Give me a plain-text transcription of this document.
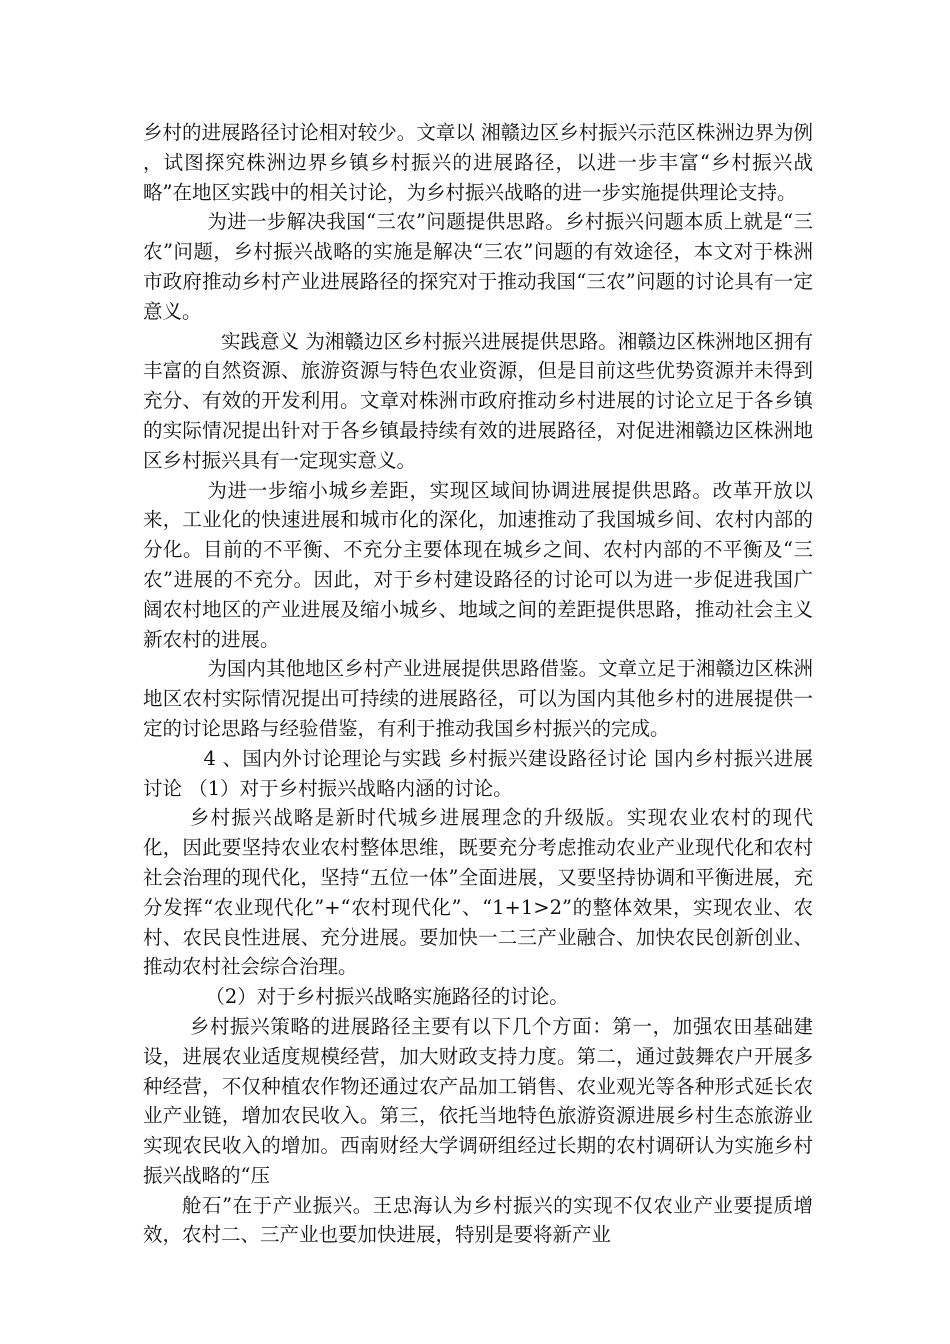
乡村的进展路径讨论相对较少。文章以 湘赣边区乡村振兴示范区株洲边界为例 ，试图探究株洲边界乡镇乡村振兴的进展路径，以进一步丰富“乡村振兴战略”在地区实践中的相关讨论，为乡村振兴战略的进一步实施提供理论支持。

为进一步解决我国“三农”问题提供思路。乡村振兴问题本质上就是“三农”问题，乡村振兴战略的实施是解决“三农”问题的有效途径，本文对于株洲市政府推动乡村产业进展路径的探究对于推动我国“三农”问题的讨论具有一定意义。

实践意义 为湘赣边区乡村振兴进展提供思路。湘赣边区株洲地区拥有丰富的自然资源、旅游资源与特色农业资源，但是目前这些优势资源并未得到充分、有效的开发利用。文章对株洲市政府推动乡村进展的讨论立足于各乡镇的实际情况提出针对于各乡镇最持续有效的进展路径，对促进湘赣边区株洲地区乡村振兴具有一定现实意义。

为进一步缩小城乡差距，实现区域间协调进展提供思路。改革开放以来，工业化的快速进展和城市化的深化，加速推动了我国城乡间、农村内部的分化。目前的不平衡、不充分主要体现在城乡之间、农村内部的不平衡及“三农”进展的不充分。因此，对于乡村建设路径的讨论可以为进一步促进我国广阔农村地区的产业进展及缩小城乡、地域之间的差距提供思路，推动社会主义新农村的进展。

为国内其他地区乡村产业进展提供思路借鉴。文章立足于湘赣边区株洲地区农村实际情况提出可持续的进展路径，可以为国内其他乡村的进展提供一定的讨论思路与经验借鉴，有利于推动我国乡村振兴的完成。

4 、国内外讨论理论与实践 乡村振兴建设路径讨论 国内乡村振兴进展讨论 （1）对于乡村振兴战略内涵的讨论。

乡村振兴战略是新时代城乡进展理念的升级版。实现农业农村的现代化，因此要坚持农业农村整体思维，既要充分考虑推动农业产业现代化和农村社会治理的现代化，坚持“五位一体”全面进展，又要坚持协调和平衡进展，充分发挥“农业现代化”+“农村现代化”、“1+1>2”的整体效果，实现农业、农村、农民良性进展、充分进展。要加快一二三产业融合、加快农民创新创业、推动农村社会综合治理。

（2）对于乡村振兴战略实施路径的讨论。

乡村振兴策略的进展路径主要有以下几个方面：第一，加强农田基础建设，进展农业适度规模经营，加大财政支持力度。第二，通过鼓舞农户开展多种经营，不仅种植农作物还通过农产品加工销售、农业观光等各种形式延长农业产业链，增加农民收入。第三，依托当地特色旅游资源进展乡村生态旅游业实现农民收入的增加。西南财经大学调研组经过长期的农村调研认为实施乡村振兴战略的“压

舱石”在于产业振兴。王忠海认为乡村振兴的实现不仅农业产业要提质增效，农村二、三产业也要加快进展，特别是要将新产业
